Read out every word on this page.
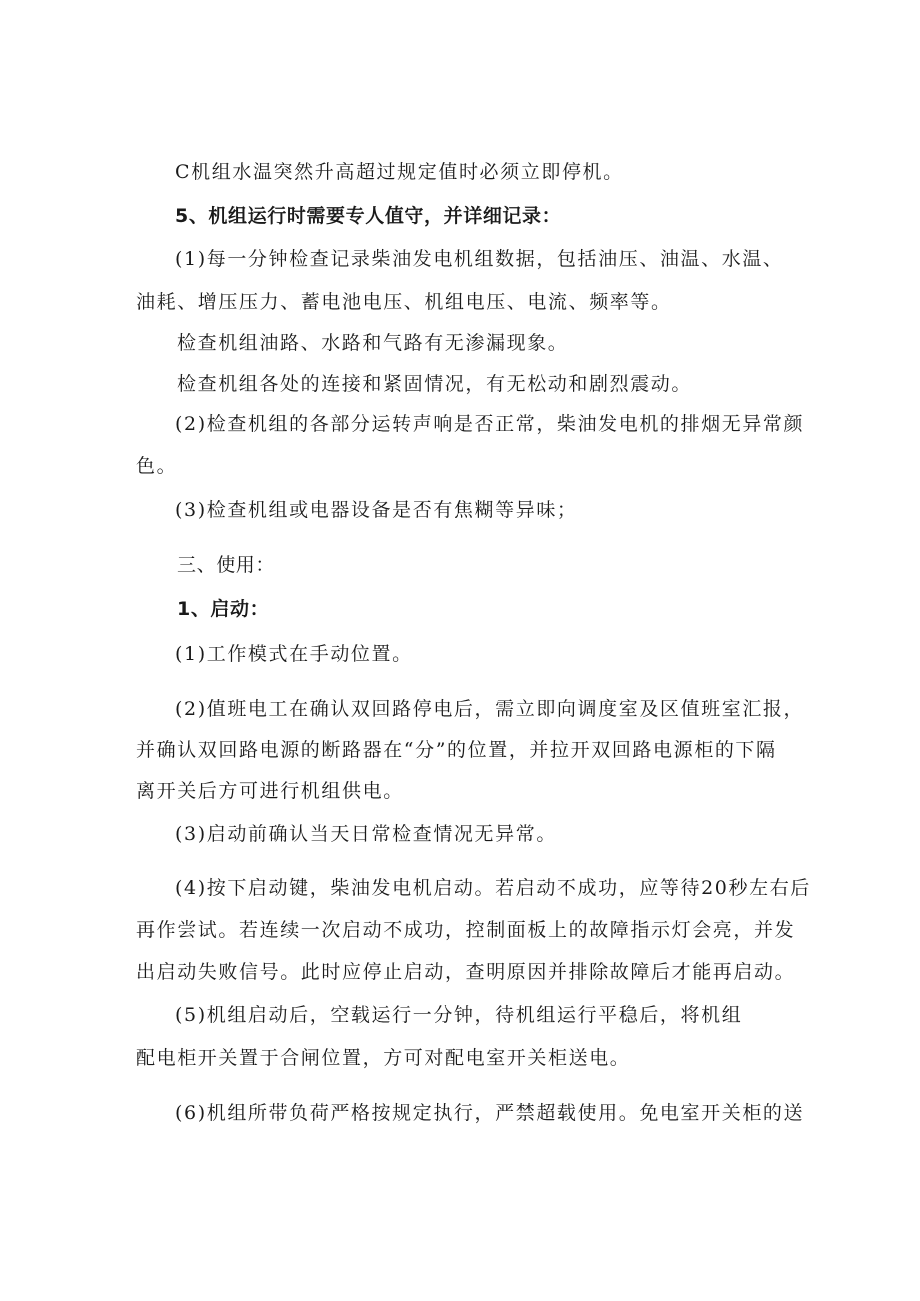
C机组水温突然升高超过规定值时必须立即停机。
5、机组运行时需要专人值守，并详细记录：
(1)每一分钟检查记录柴油发电机组数据，包括油压、油温、水温、
油耗、增压压力、蓄电池电压、机组电压、电流、频率等。
检查机组油路、水路和气路有无渗漏现象。
检查机组各处的连接和紧固情况，有无松动和剧烈震动。
(2)检查机组的各部分运转声响是否正常，柴油发电机的排烟无异常颜
色。
(3)检查机组或电器设备是否有焦糊等异味；
三、使用：
1、启动：
(1)工作模式在手动位置。
(2)值班电工在确认双回路停电后，需立即向调度室及区值班室汇报，
并确认双回路电源的断路器在“分”的位置，并拉开双回路电源柜的下隔
离开关后方可进行机组供电。
(3)启动前确认当天日常检查情况无异常。
(4)按下启动键，柴油发电机启动。若启动不成功，应等待20秒左右后
再作尝试。若连续一次启动不成功，控制面板上的故障指示灯会亮，并发
出启动失败信号。此时应停止启动，查明原因并排除故障后才能再启动。
(5)机组启动后，空载运行一分钟，待机组运行平稳后，将机组
配电柜开关置于合闸位置，方可对配电室开关柜送电。
(6)机组所带负荷严格按规定执行，严禁超载使用。免电室开关柜的送
